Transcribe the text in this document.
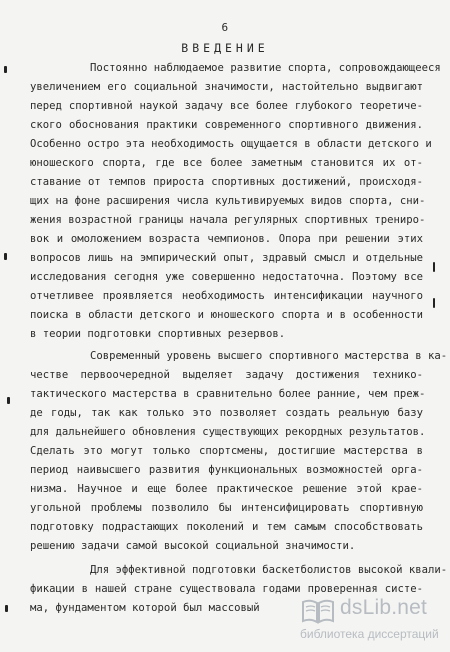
6
ВВЕДЕНИЕ
Постоянно наблюдаемое развитие спорта, сопровождающееся
увеличением его социальной значимости, настойтельно выдвигают
перед спортивной наукой задачу все более глубокого теоретиче-
ского обоснования практики современного спортивного движения.
Особенно остро эта необходимость ощущается в области детского и
юношеского спорта, где все более заметным становится их от-
ставание от темпов прироста спортивных достижений, происходя-
щих на фоне расширения числа культивируемых видов спорта, сни-
жения возрастной границы начала регулярных спортивных трениро-
вок и омоложением возраста чемпионов. Опора при решении этих
вопросов лишь на эмпирический опыт, здравый смысл и отдельные
исследования сегодня уже совершенно недостаточна. Поэтому все
отчетливее проявляется необходимость интенсификации научного
поиска в области детского и юношеского спорта и в особенности
в теории подготовки спортивных резервов.
Современный уровень высшего спортивного мастерства в ка-
честве первоочередной выделяет задачу достижения технико-
тактического мастерства в сравнительно более ранние, чем преж-
де годы, так как только это позволяет создать реальную базу
для дальнейшего обновления существующих рекордных результатов.
Сделать это могут только спортсмены, достигшие мастерства в
период наивысшего развития функциональных возможностей орга-
низма. Научное и еще более практическое решение этой крае-
угольной проблемы позволило бы интенсифицировать спортивную
подготовку подрастающих поколений и тем самым способствовать
решению задачи самой высокой социальной значимости.
Для эффективной подготовки баскетболистов высокой квали-
фикации в нашей стране существовала годами проверенная систе-
ма, фундаментом которой был массовый	dsLib.net
библиотека диссертаций
